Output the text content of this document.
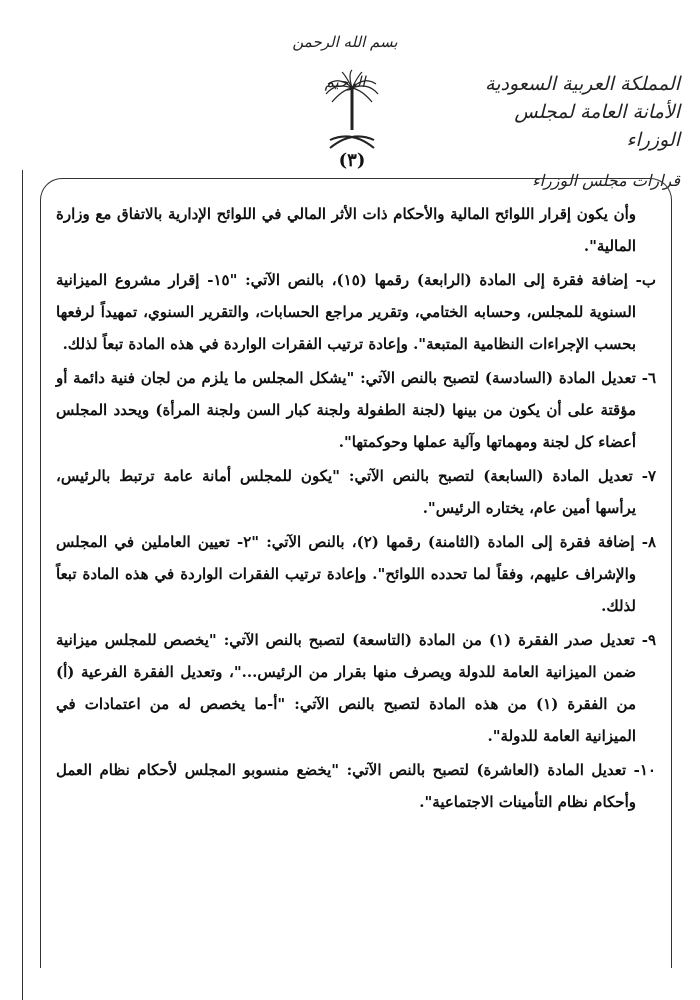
بسم الله الرحمن الرحيم
(٣)
المملكة العربية السعودية
الأمانة العامة لمجلس الوزراء
قرارات مجلس الوزراء

وأن يكون إقرار اللوائح المالية والأحكام ذات الأثر المالي في اللوائح الإدارية بالاتفاق مع وزارة المالية".

ب- إضافة فقرة إلى المادة (الرابعة) رقمها (١٥)، بالنص الآتي: "١٥- إقرار مشروع الميزانية السنوية للمجلس، وحسابه الختامي، وتقرير مراجع الحسابات، والتقرير السنوي، تمهيداً لرفعها بحسب الإجراءات النظامية المتبعة". وإعادة ترتيب الفقرات الواردة في هذه المادة تبعاً لذلك.

٦- تعديل المادة (السادسة) لتصبح بالنص الآتي: "يشكل المجلس ما يلزم من لجان فنية دائمة أو مؤقتة على أن يكون من بينها (لجنة الطفولة ولجنة كبار السن ولجنة المرأة) ويحدد المجلس أعضاء كل لجنة ومهماتها وآلية عملها وحوكمتها".

٧- تعديل المادة (السابعة) لتصبح بالنص الآتي: "يكون للمجلس أمانة عامة ترتبط بالرئيس، يرأسها أمين عام، يختاره الرئيس".

٨- إضافة فقرة إلى المادة (الثامنة) رقمها (٢)، بالنص الآتي: "٢- تعيين العاملين في المجلس والإشراف عليهم، وفقاً لما تحدده اللوائح". وإعادة ترتيب الفقرات الواردة في هذه المادة تبعاً لذلك.

٩- تعديل صدر الفقرة (١) من المادة (التاسعة) لتصبح بالنص الآتي: "يخصص للمجلس ميزانية ضمن الميزانية العامة للدولة ويصرف منها بقرار من الرئيس..."، وتعديل الفقرة الفرعية (أ) من الفقرة (١) من هذه المادة لتصبح بالنص الآتي: "أ-ما يخصص له من اعتمادات في الميزانية العامة للدولة".

١٠- تعديل المادة (العاشرة) لتصبح بالنص الآتي: "يخضع منسوبو المجلس لأحكام نظام العمل وأحكام نظام التأمينات الاجتماعية".
